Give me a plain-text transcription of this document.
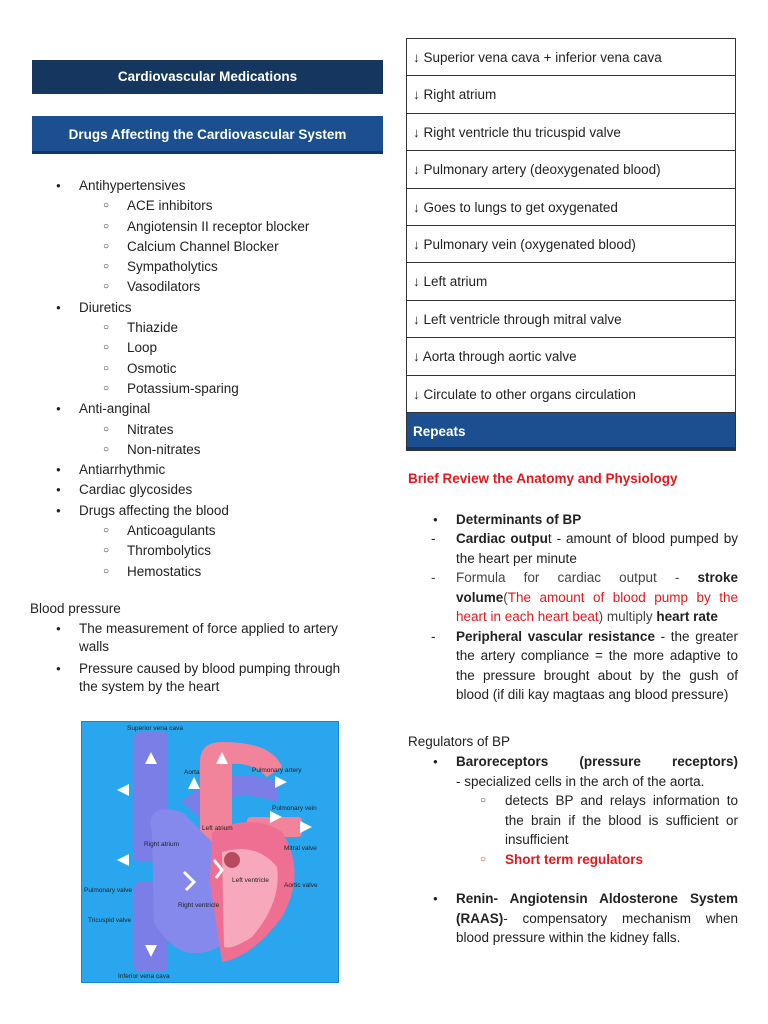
Cardiovascular Medications
Drugs Affecting the Cardiovascular System
● Antihypertensives
○ ACE inhibitors
○ Angiotensin II receptor blocker
○ Calcium Channel Blocker
○ Sympatholytics
○ Vasodilators
● Diuretics
○ Thiazide
○ Loop
○ Osmotic
○ Potassium-sparing
● Anti-anginal
○ Nitrates
○ Non-nitrates
● Antiarrhythmic
● Cardiac glycosides
● Drugs affecting the blood
○ Anticoagulants
○ Thrombolytics
○ Hemostatics
Blood pressure
● The measurement of force applied to artery walls
● Pressure caused by blood pumping through the system by the heart
Superior vena cava
Aorta	Pulmonary artery
Pulmonary vein
Left atrium
Mitral valve
Right atrium
Aortic valve
Left ventricle
Pulmonary valve
Tricuspid valve
Right ventricle
Inferior vena cava
↓ Superior vena cava + inferior vena cava
↓ Right atrium
↓ Right ventricle thu tricuspid valve
↓ Pulmonary artery (deoxygenated blood)
↓ Goes to lungs to get oxygenated
↓ Pulmonary vein (oxygenated blood)
↓ Left atrium
↓ Left ventricle through mitral valve
↓ Aorta through aortic valve
↓ Circulate to other organs circulation
Repeats
Brief Review the Anatomy and Physiology
● Determinants of BP
- Cardiac output - amount of blood pumped by the heart per minute
- Formula for cardiac output - stroke volume(The amount of blood pump by the heart in each heart beat) multiply heart rate
- Peripheral vascular resistance - the greater the artery compliance = the more adaptive to the pressure brought about by the gush of blood (if dili kay magtaas ang blood pressure)
Regulators of BP
● Baroreceptors (pressure receptors)
- specialized cells in the arch of the aorta.
○ detects BP and relays information to the brain if the blood is sufficient or insufficient
○ Short term regulators
● Renin- Angiotensin Aldosterone System (RAAS)- compensatory mechanism when blood pressure within the kidney falls.
